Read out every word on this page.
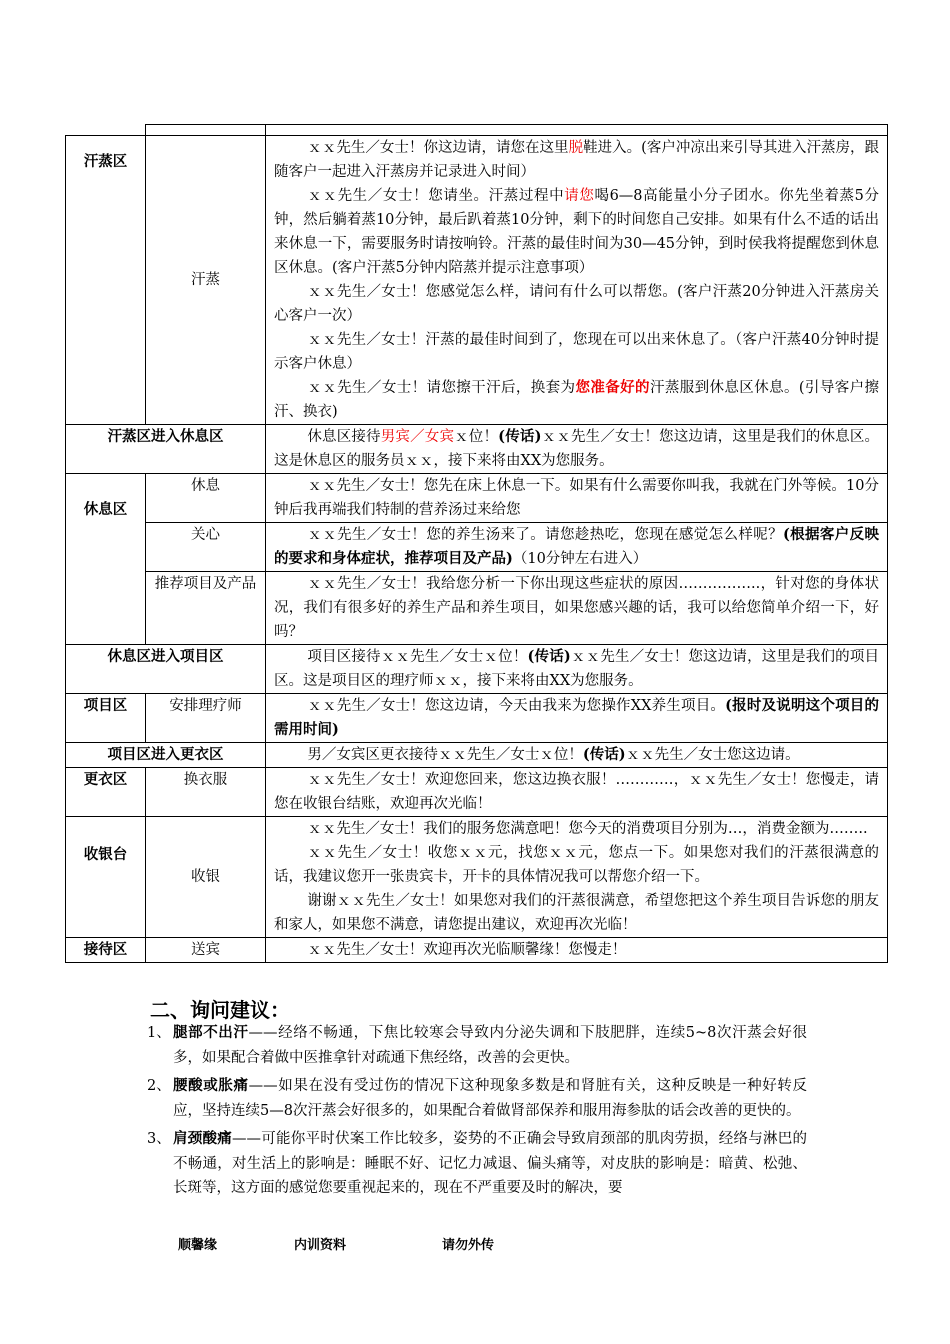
汗蒸区	汗蒸	ｘｘ先生／女士！你这边请，请您在这里脱鞋进入。(客户冲凉出来引导其进入汗蒸房，跟随客户一起进入汗蒸房并记录进入时间）

ｘｘ先生／女士！您请坐。汗蒸过程中请您喝6—8高能量小分子团水。你先坐着蒸5分钟，然后躺着蒸10分钟，最后趴着蒸10分钟，剩下的时间您自己安排。如果有什么不适的话出来休息一下，需要服务时请按响铃。汗蒸的最佳时间为30—45分钟，到时侯我将提醒您到休息区休息。(客户汗蒸5分钟内陪蒸并提示注意事项）

ｘｘ先生／女士！您感觉怎么样，请问有什么可以帮您。(客户汗蒸20分钟进入汗蒸房关心客户一次）

ｘｘ先生／女士！汗蒸的最佳时间到了，您现在可以出来休息了。（客户汗蒸40分钟时提示客户休息）

ｘｘ先生／女士！请您擦干汗后，换套为您准备好的汗蒸服到休息区休息。(引导客户擦汗、换衣)

汗蒸区进入休息区		休息区接待男宾／女宾ｘ位！(传话)ｘｘ先生／女士！您这边请，这里是我们的休息区。这是休息区的服务员ｘｘ，接下来将由XX为您服务。

休息区	休息	ｘｘ先生／女士！您先在床上休息一下。如果有什么需要你叫我，我就在门外等候。10分钟后我再端我们特制的营养汤过来给您

	关心	ｘｘ先生／女士！您的养生汤来了。请您趁热吃，您现在感觉怎么样呢？(根据客户反映的要求和身体症状，推荐项目及产品)（10分钟左右进入）

	推荐项目及产品	ｘｘ先生／女士！我给您分析一下你出现这些症状的原因……………..，针对您的身体状况，我们有很多好的养生产品和养生项目，如果您感兴趣的话，我可以给您简单介绍一下，好吗？

休息区进入项目区		项目区接待ｘｘ先生／女士ｘ位！(传话)ｘｘ先生／女士！您这边请，这里是我们的项目区。这是项目区的理疗师ｘｘ，接下来将由XX为您服务。

项目区	安排理疗师	ｘｘ先生／女士！您这边请，今天由我来为您操作XX养生项目。(报时及说明这个项目的需用时间)

项目区进入更衣区		男／女宾区更衣接待ｘｘ先生／女士ｘ位！(传话)ｘｘ先生／女士您这边请。

更衣区	换衣服	ｘｘ先生／女士！欢迎您回来，您这边换衣服！…………，ｘｘ先生／女士！您慢走，请您在收银台结账，欢迎再次光临！

收银台	收银	ｘｘ先生／女士！我们的服务您满意吧！您今天的消费项目分别为…，消费金额为……..

ｘｘ先生／女士！收您ｘｘ元，找您ｘｘ元，您点一下。如果您对我们的汗蒸很满意的话，我建议您开一张贵宾卡，开卡的具体情况我可以帮您介绍一下。

谢谢ｘｘ先生／女士！如果您对我们的汗蒸很满意，希望您把这个养生项目告诉您的朋友和家人，如果您不满意，请您提出建议，欢迎再次光临！

接待区	送宾	ｘｘ先生／女士！欢迎再次光临顺馨缘！您慢走！

二、询问建议：
1、 腿部不出汗——经络不畅通，下焦比较寒会导致内分泌失调和下肢肥胖，连续5~8次汗蒸会好很多，如果配合着做中医推拿针对疏通下焦经络，改善的会更快。
2、 腰酸或胀痛——如果在没有受过伤的情况下这种现象多数是和肾脏有关，这种反映是一种好转反应，坚持连续5—8次汗蒸会好很多的，如果配合着做肾部保养和服用海参肽的话会改善的更快的。
3、 肩颈酸痛——可能你平时伏案工作比较多，姿势的不正确会导致肩颈部的肌肉劳损，经络与淋巴的不畅通，对生活上的影响是：睡眠不好、记忆力减退、偏头痛等，对皮肤的影响是：暗黄、松弛、长斑等，这方面的感觉您要重视起来的，现在不严重要及时的解决，要
顺馨缘	内训资料	请勿外传
